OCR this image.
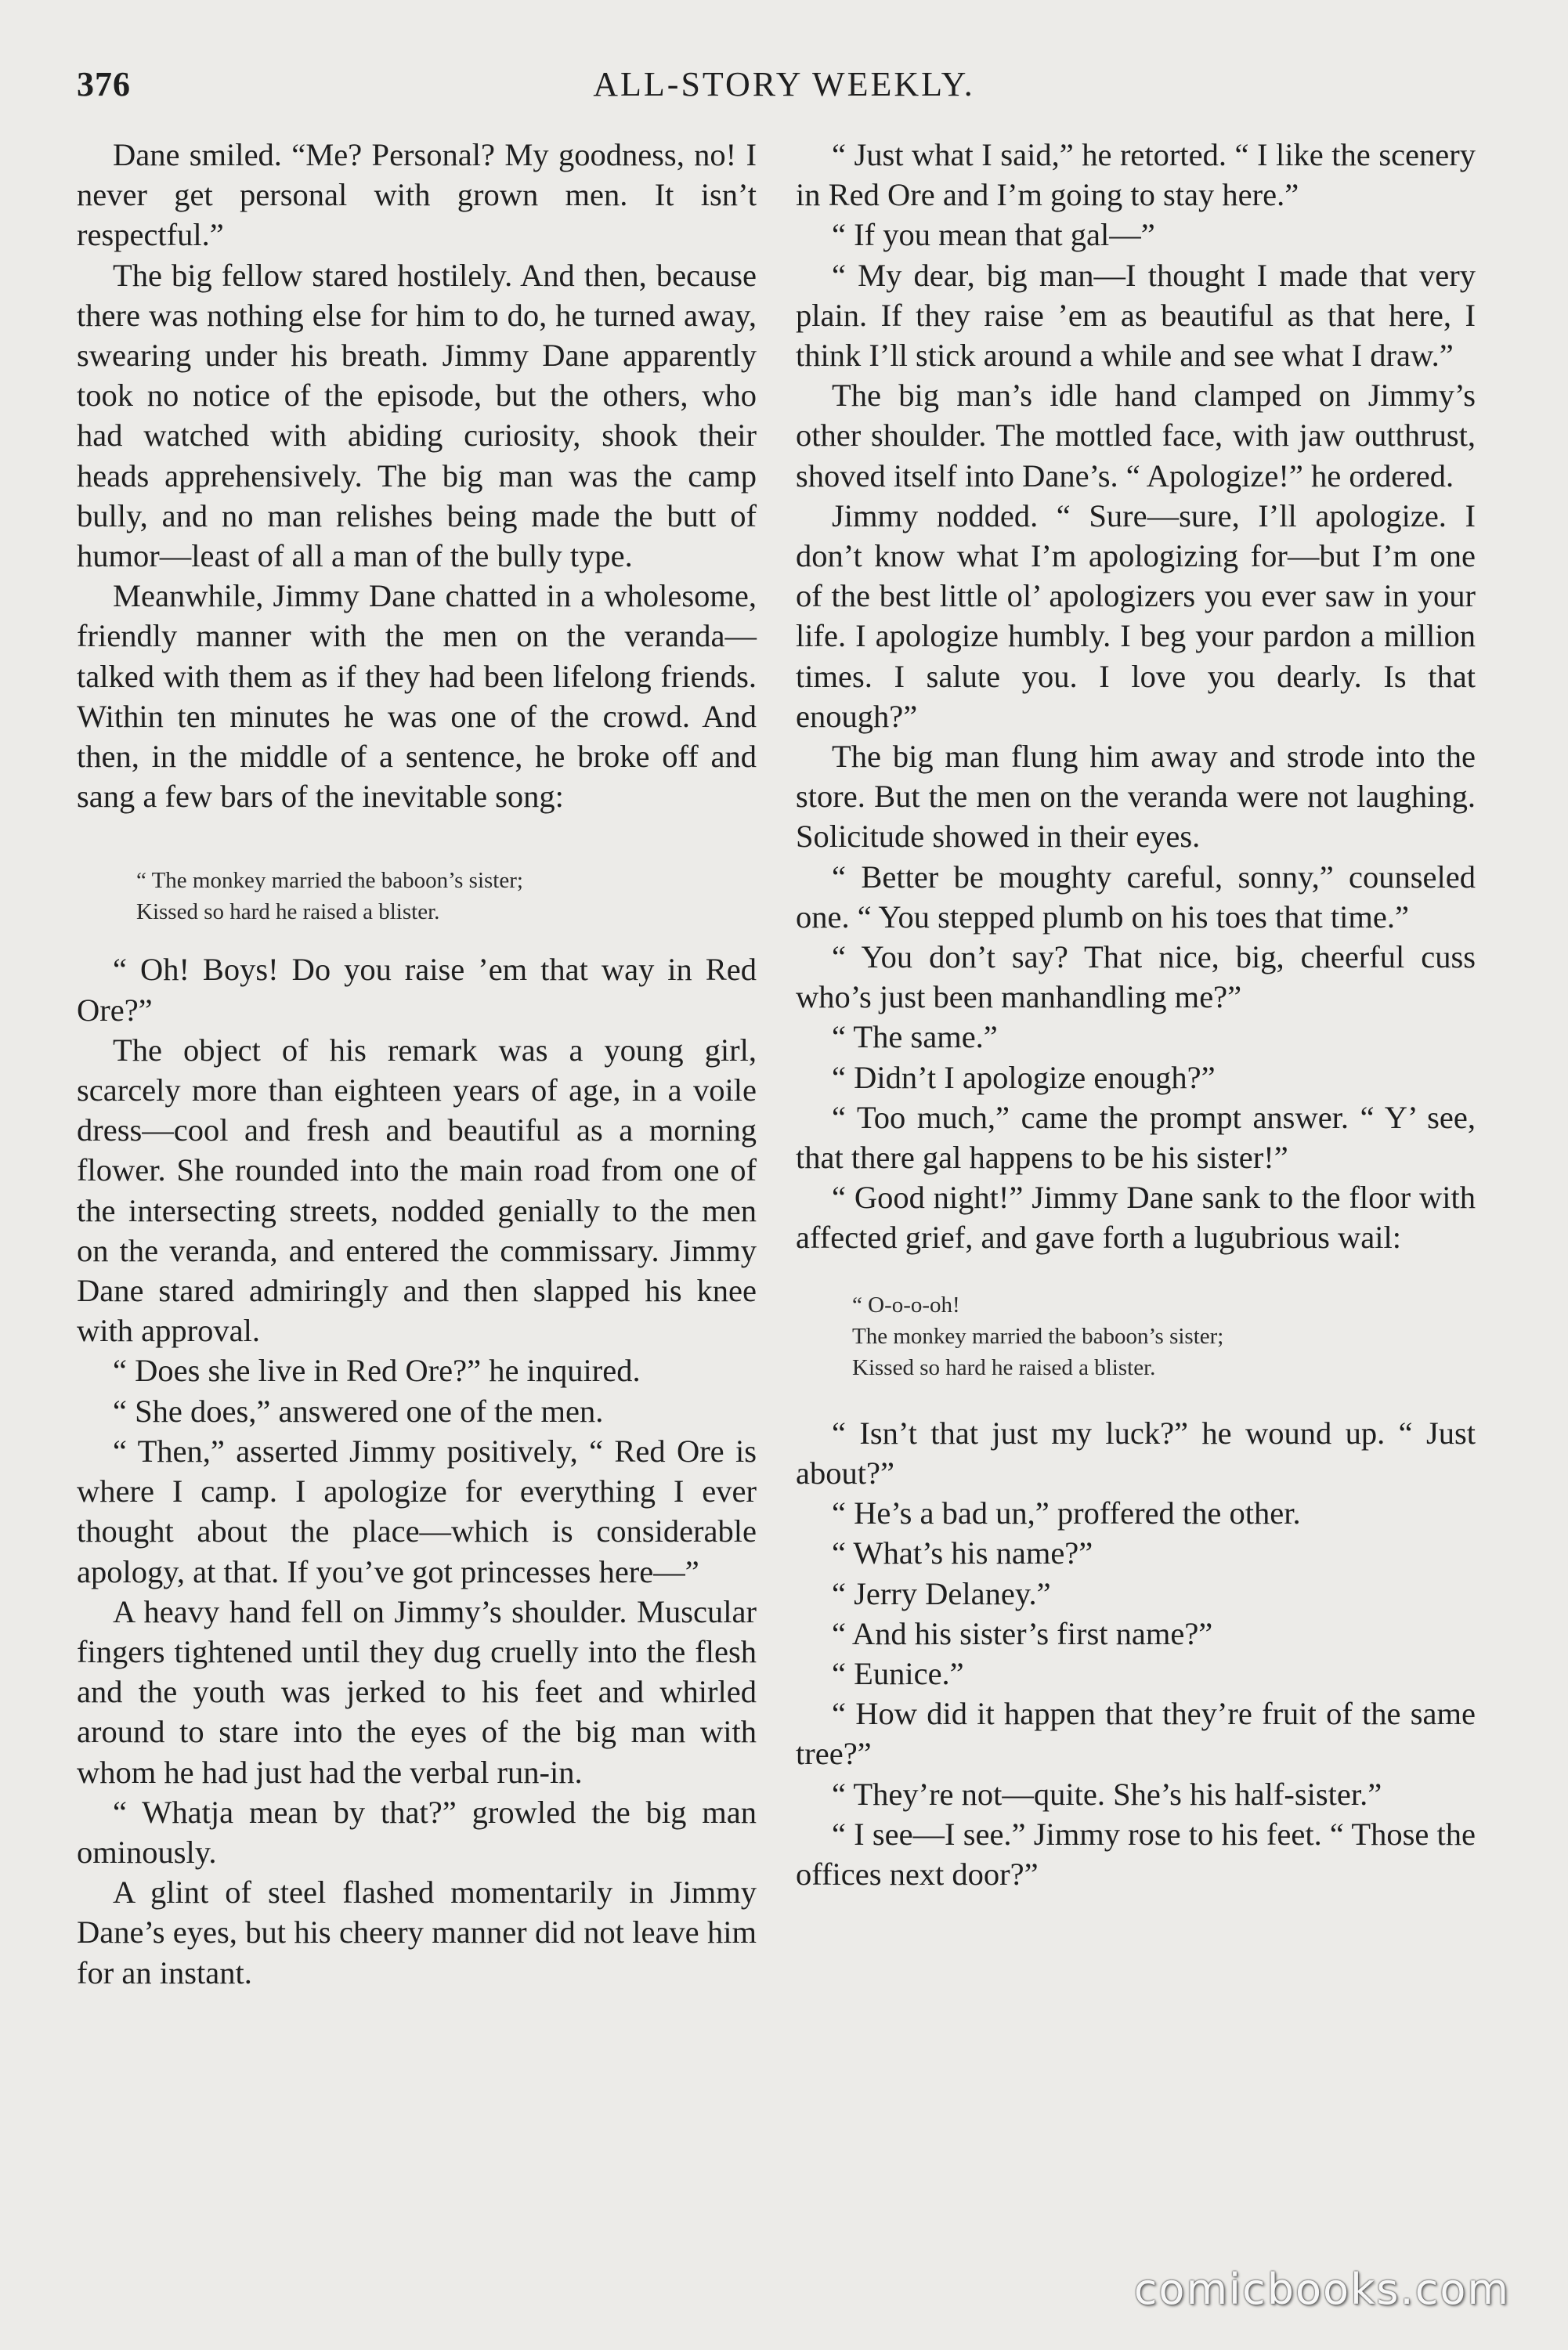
376	ALL-STORY WEEKLY.

Dane smiled. “Me? Personal? My goodness, no! I never get personal with grown men. It isn’t respectful.”

The big fellow stared hostilely. And then, because there was nothing else for him to do, he turned away, swearing under his breath. Jimmy Dane apparently took no notice of the episode, but the others, who had watched with abiding curiosity, shook their heads apprehensively. The big man was the camp bully, and no man relishes being made the butt of humor—least of all a man of the bully type.

Meanwhile, Jimmy Dane chatted in a wholesome, friendly manner with the men on the veranda—talked with them as if they had been lifelong friends. Within ten minutes he was one of the crowd. And then, in the middle of a sentence, he broke off and sang a few bars of the inevitable song:

“ The monkey married the baboon’s sister;
Kissed so hard he raised a blister.

“ Oh! Boys! Do you raise ’em that way in Red Ore?”

The object of his remark was a young girl, scarcely more than eighteen years of age, in a voile dress—cool and fresh and beautiful as a morning flower. She rounded into the main road from one of the intersecting streets, nodded genially to the men on the veranda, and entered the commissary. Jimmy Dane stared admiringly and then slapped his knee with approval.

“ Does she live in Red Ore?” he inquired.

“ She does,” answered one of the men.

“ Then,” asserted Jimmy positively, “ Red Ore is where I camp. I apologize for everything I ever thought about the place—which is considerable apology, at that. If you’ve got princesses here—”

A heavy hand fell on Jimmy’s shoulder. Muscular fingers tightened until they dug cruelly into the flesh and the youth was jerked to his feet and whirled around to stare into the eyes of the big man with whom he had just had the verbal run-in.

“ Whatja mean by that?” growled the big man ominously.

A glint of steel flashed momentarily in Jimmy Dane’s eyes, but his cheery manner did not leave him for an instant.

“ Just what I said,” he retorted. “ I like the scenery in Red Ore and I’m going to stay here.”

“ If you mean that gal—”

“ My dear, big man—I thought I made that very plain. If they raise ’em as beautiful as that here, I think I’ll stick around a while and see what I draw.”

The big man’s idle hand clamped on Jimmy’s other shoulder. The mottled face, with jaw outthrust, shoved itself into Dane’s. “ Apologize!” he ordered.

Jimmy nodded. “ Sure—sure, I’ll apologize. I don’t know what I’m apologizing for—but I’m one of the best little ol’ apologizers you ever saw in your life. I apologize humbly. I beg your pardon a million times. I salute you. I love you dearly. Is that enough?”

The big man flung him away and strode into the store. But the men on the veranda were not laughing. Solicitude showed in their eyes.

“ Better be moughty careful, sonny,” counseled one. “ You stepped plumb on his toes that time.”

“ You don’t say? That nice, big, cheerful cuss who’s just been manhandling me?”

“ The same.”

“ Didn’t I apologize enough?”

“ Too much,” came the prompt answer. “ Y’ see, that there gal happens to be his sister!”

“ Good night!” Jimmy Dane sank to the floor with affected grief, and gave forth a lugubrious wail:

“ O-o-o-oh!
The monkey married the baboon’s sister;
Kissed so hard he raised a blister.

“ Isn’t that just my luck?” he wound up. “ Just about?”

“ He’s a bad un,” proffered the other.

“ What’s his name?”

“ Jerry Delaney.”

“ And his sister’s first name?”

“ Eunice.”

“ How did it happen that they’re fruit of the same tree?”

“ They’re not—quite. She’s his half-sister.”

“ I see—I see.” Jimmy rose to his feet. “ Those the offices next door?”

comicbooks.com
